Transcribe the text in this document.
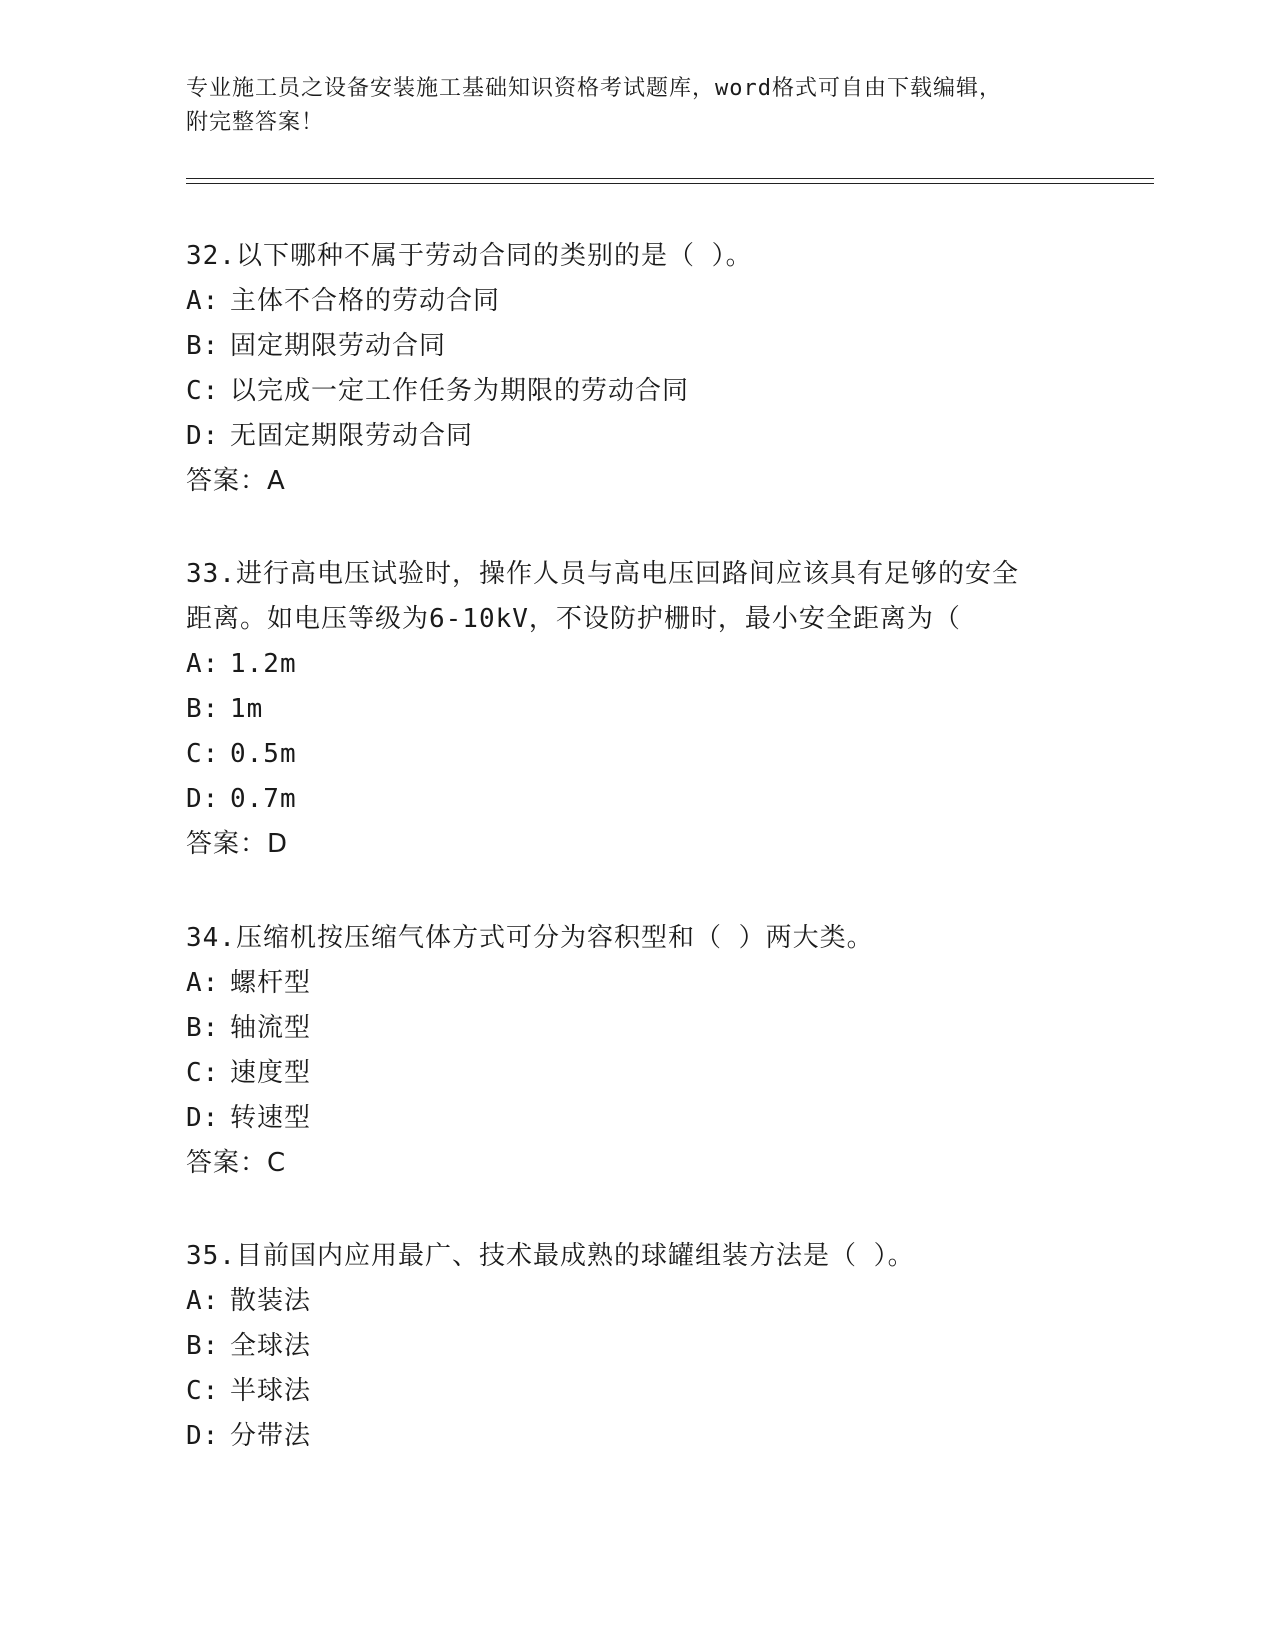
专业施工员之设备安装施工基础知识资格考试题库，word格式可自由下载编辑，
附完整答案！

32.以下哪种不属于劳动合同的类别的是（ ）。

A: 主体不合格的劳动合同

B: 固定期限劳动合同

C: 以完成一定工作任务为期限的劳动合同

D: 无固定期限劳动合同

答案：A

33.进行高电压试验时，操作人员与高电压回路间应该具有足够的安全

距离。如电压等级为6-10kV，不设防护栅时，最小安全距离为（

A: 1.2m

B: 1m

C: 0.5m

D: 0.7m

答案：D

34.压缩机按压缩气体方式可分为容积型和（ ）两大类。

A: 螺杆型

B: 轴流型

C: 速度型

D: 转速型

答案：C

35.目前国内应用最广、技术最成熟的球罐组装方法是（ ）。

A: 散装法

B: 全球法

C: 半球法

D: 分带法
